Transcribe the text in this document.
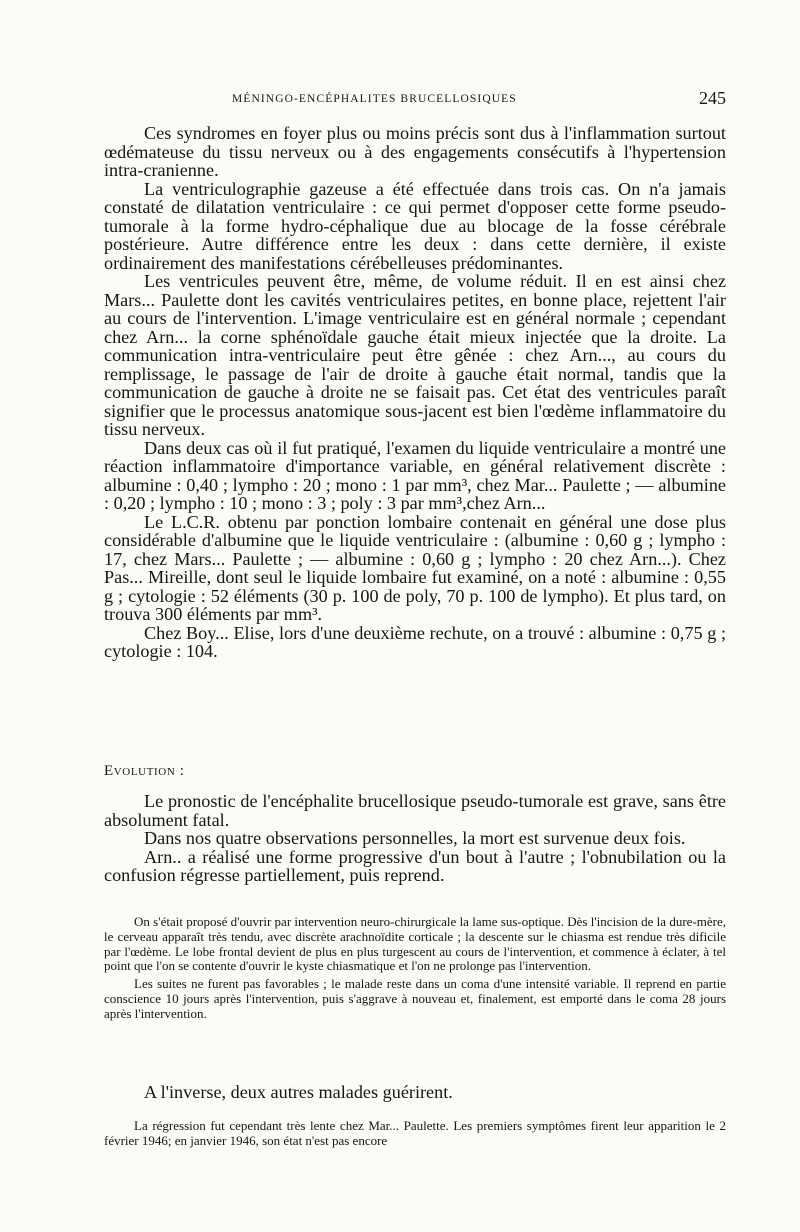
MÉNINGO-ENCÉPHALITES BRUCELLOSIQUES	245

Ces syndromes en foyer plus ou moins précis sont dus à l'inflammation surtout œdémateuse du tissu nerveux ou à des engagements consécutifs à l'hypertension intra-cranienne.

La ventriculographie gazeuse a été effectuée dans trois cas. On n'a jamais constaté de dilatation ventriculaire : ce qui permet d'opposer cette forme pseudo-tumorale à la forme hydro-céphalique due au blocage de la fosse cérébrale postérieure. Autre différence entre les deux : dans cette dernière, il existe ordinairement des manifestations cérébelleuses prédominantes.

Les ventricules peuvent être, même, de volume réduit. Il en est ainsi chez Mars... Paulette dont les cavités ventriculaires petites, en bonne place, rejettent l'air au cours de l'intervention. L'image ventriculaire est en général normale ; cependant chez Arn... la corne sphénoïdale gauche était mieux injectée que la droite. La communication intra-ventriculaire peut être gênée : chez Arn..., au cours du remplissage, le passage de l'air de droite à gauche était normal, tandis que la communication de gauche à droite ne se faisait pas. Cet état des ventricules paraît signifier que le processus anatomique sous-jacent est bien l'œdème inflammatoire du tissu nerveux.

Dans deux cas où il fut pratiqué, l'examen du liquide ventriculaire a montré une réaction inflammatoire d'importance variable, en général relativement discrète : albumine : 0,40 ; lympho : 20 ; mono : 1 par mm³, chez Mar... Paulette ; — albumine : 0,20 ; lympho : 10 ; mono : 3 ; poly : 3 par mm³,chez Arn...

Le L.C.R. obtenu par ponction lombaire contenait en général une dose plus considérable d'albumine que le liquide ventriculaire : (albumine : 0,60 g ; lympho : 17, chez Mars... Paulette ; — albumine : 0,60 g ; lympho : 20 chez Arn...). Chez Pas... Mireille, dont seul le liquide lombaire fut examiné, on a noté : albumine : 0,55 g ; cytologie : 52 éléments (30 p. 100 de poly, 70 p. 100 de lympho). Et plus tard, on trouva 300 éléments par mm³.

Chez Boy... Elise, lors d'une deuxième rechute, on a trouvé : albumine : 0,75 g ; cytologie : 104.

Evolution :

Le pronostic de l'encéphalite brucellosique pseudo-tumorale est grave, sans être absolument fatal.

Dans nos quatre observations personnelles, la mort est survenue deux fois.

Arn.. a réalisé une forme progressive d'un bout à l'autre ; l'obnubilation ou la confusion régresse partiellement, puis reprend.

On s'était proposé d'ouvrir par intervention neuro-chirurgicale la lame sus-optique. Dès l'incision de la dure-mère, le cerveau apparaît très tendu, avec discrète arachnoïdite corticale ; la descente sur le chiasma est rendue très dificile par l'œdème. Le lobe frontal devient de plus en plus turgescent au cours de l'intervention, et commence à éclater, à tel point que l'on se contente d'ouvrir le kyste chiasmatique et l'on ne prolonge pas l'intervention.

Les suites ne furent pas favorables ; le malade reste dans un coma d'une intensité variable. Il reprend en partie conscience 10 jours après l'intervention, puis s'aggrave à nouveau et, finalement, est emporté dans le coma 28 jours après l'intervention.

A l'inverse, deux autres malades guérirent.

La régression fut cependant très lente chez Mar... Paulette. Les premiers symptômes firent leur apparition le 2 février 1946; en janvier 1946, son état n'est pas encore
